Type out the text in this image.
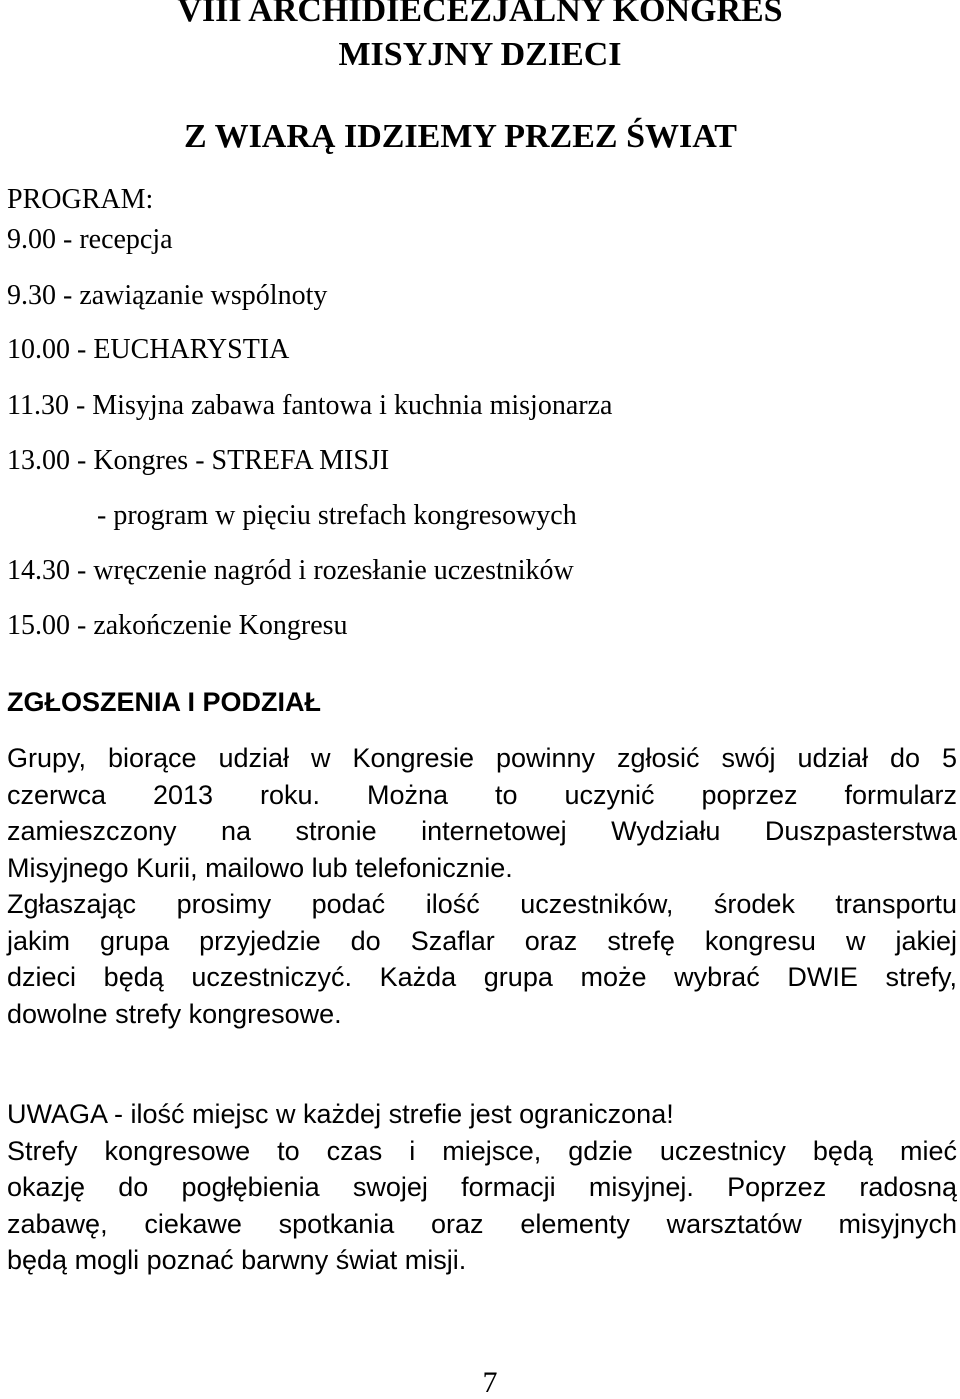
VIII ARCHIDIECEZJALNY KONGRES
MISYJNY DZIECI
Z WIARĄ IDZIEMY PRZEZ ŚWIAT
PROGRAM:
9.00 - recepcja
9.30 - zawiązanie wspólnoty
10.00 - EUCHARYSTIA
11.30 - Misyjna zabawa fantowa i kuchnia misjonarza
13.00 - Kongres - STREFA MISJI
- program w pięciu strefach kongresowych
14.30 - wręczenie nagród i rozesłanie uczestników
15.00 - zakończenie Kongresu
ZGŁOSZENIA I PODZIAŁ
Grupy, biorące udział w Kongresie powinny zgłosić swój udział do 5
czerwca 2013 roku. Można to uczynić poprzez formularz
zamieszczony na stronie internetowej Wydziału Duszpasterstwa
Misyjnego Kurii, mailowo lub telefonicznie.
Zgłaszając prosimy podać ilość uczestników, środek transportu
jakim grupa przyjedzie do Szaflar oraz strefę kongresu w jakiej
dzieci będą uczestniczyć. Każda grupa może wybrać DWIE strefy,
dowolne strefy kongresowe.
UWAGA - ilość miejsc w każdej strefie jest ograniczona!
Strefy kongresowe to czas i miejsce, gdzie uczestnicy będą mieć
okazję do pogłębienia swojej formacji misyjnej. Poprzez radosną
zabawę, ciekawe spotkania oraz elementy warsztatów misyjnych
będą mogli poznać barwny świat misji.
7
